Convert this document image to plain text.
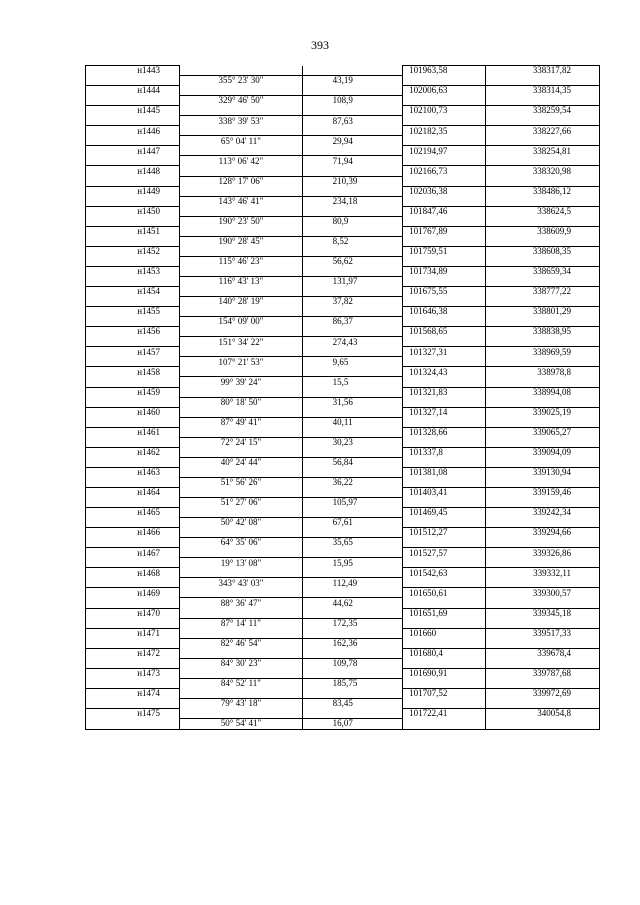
393
н1443			101963,58	338317,82
	355° 23' 30"	43,19		
н1444			102006,63	338314,35
	329° 46' 50"	108,9		
н1445			102100,73	338259,54
	338° 39' 53"	87,63		
н1446			102182,35	338227,66
	65° 04' 11"	29,94		
н1447			102194,97	338254,81
	113° 06' 42"	71,94		
н1448			102166,73	338320,98
	128° 17' 06"	210,39		
н1449			102036,38	338486,12
	143° 46' 41"	234,18		
н1450			101847,46	338624,5
	190° 23' 50"	80,9		
н1451			101767,89	338609,9
	190° 28' 45"	8,52		
н1452			101759,51	338608,35
	115° 46' 23"	56,62		
н1453			101734,89	338659,34
	116° 43' 13"	131,97		
н1454			101675,55	338777,22
	140° 28' 19"	37,82		
н1455			101646,38	338801,29
	154° 09' 00"	86,37		
н1456			101568,65	338838,95
	151° 34' 22"	274,43		
н1457			101327,31	338969,59
	107° 21' 53"	9,65		
н1458			101324,43	338978,8
	99° 39' 24"	15,5		
н1459			101321,83	338994,08
	80° 18' 50"	31,56		
н1460			101327,14	339025,19
	87° 49' 41"	40,11		
н1461			101328,66	339065,27
	72° 24' 15"	30,23		
н1462			101337,8	339094,09
	40° 24' 44"	56,84		
н1463			101381,08	339130,94
	51° 56' 26"	36,22		
н1464			101403,41	339159,46
	51° 27' 06"	105,97		
н1465			101469,45	339242,34
	50° 42' 08"	67,61		
н1466			101512,27	339294,66
	64° 35' 06"	35,65		
н1467			101527,57	339326,86
	19° 13' 08"	15,95		
н1468			101542,63	339332,11
	343° 43' 03"	112,49		
н1469			101650,61	339300,57
	88° 36' 47"	44,62		
н1470			101651,69	339345,18
	87° 14' 11"	172,35		
н1471			101660	339517,33
	82° 46' 54"	162,36		
н1472			101680,4	339678,4
	84° 30' 23"	109,78		
н1473			101690,91	339787,68
	84° 52' 11"	185,75		
н1474			101707,52	339972,69
	79° 43' 18"	83,45		
н1475			101722,41	340054,8
	50° 54' 41"	16,07		
